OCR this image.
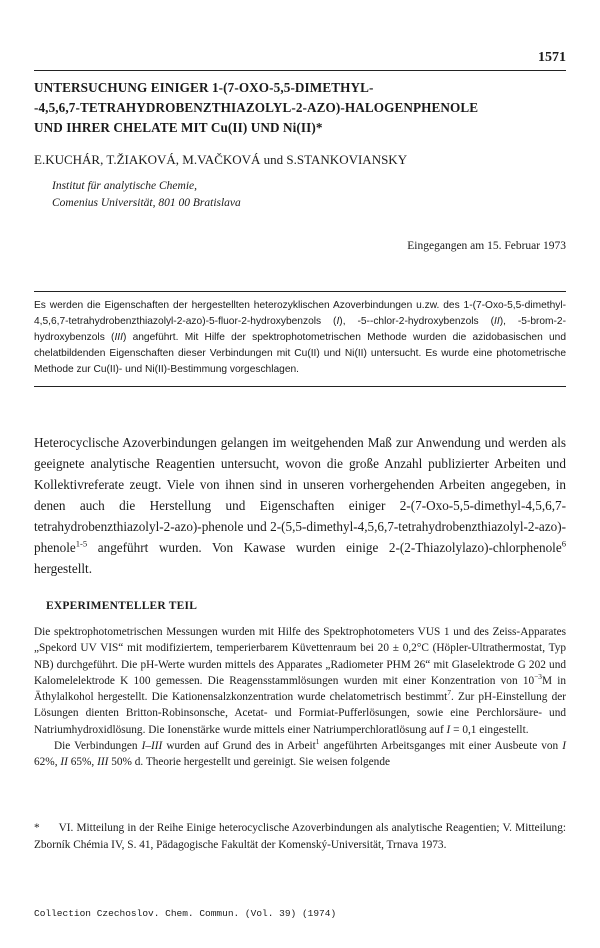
1571
UNTERSUCHUNG EINIGER 1-(7-OXO-5,5-DIMETHYL-
-4,5,6,7-TETRAHYDROBENZTHIAZOLYL-2-AZO)-HALOGENPHENOLE
UND IHRER CHELATE MIT Cu(II) UND Ni(II)*
E.KUCHÁR, T.ŽIAKOVÁ, M.VAČKOVÁ und S.STANKOVIANSKY
Institut für analytische Chemie,
Comenius Universität, 801 00 Bratislava
Eingegangen am 15. Februar 1973
Es werden die Eigenschaften der hergestellten heterozyklischen Azoverbindungen u.zw. des 1-(7-Oxo-5,5-dimethyl-4,5,6,7-tetrahydrobenzthiazolyl-2-azo)-5-fluor-2-hydroxybenzols (I), -5--chlor-2-hydroxybenzols (II), -5-brom-2-hydroxybenzols (III) angeführt. Mit Hilfe der spektrophotometrischen Methode wurden die azidobasischen und chelatbildenden Eigenschaften dieser Verbindungen mit Cu(II) und Ni(II) untersucht. Es wurde eine photometrische Methode zur Cu(II)- und Ni(II)-Bestimmung vorgeschlagen.
Heterocyclische Azoverbindungen gelangen im weitgehenden Maß zur Anwendung und werden als geeignete analytische Reagentien untersucht, wovon die große Anzahl publizierter Arbeiten und Kollektivreferate zeugt. Viele von ihnen sind in unseren vorhergehenden Arbeiten angegeben, in denen auch die Herstellung und Eigenschaften einiger 2-(7-Oxo-5,5-dimethyl-4,5,6,7-tetrahydrobenzthiazolyl-2-azo)-phenole und 2-(5,5-dimethyl-4,5,6,7-tetrahydrobenzthiazolyl-2-azo)-phenole$^{1-5}$ angeführt wurden. Von Kawase wurden einige 2-(2-Thiazolylazo)-chlorphenole$^6$ hergestellt.
EXPERIMENTELLER TEIL

Die spektrophotometrischen Messungen wurden mit Hilfe des Spektrophotometers VUS 1 und des Zeiss-Apparates „Spekord UV VIS“ mit modifiziertem, temperierbarem Küvettenraum bei 20 ± 0,2°C (Höpler-Ultrathermostat, Typ NB) durchgeführt. Die pH-Werte wurden mittels des Apparates „Radiometer PHM 26“ mit Glaselektrode G 202 und Kalomelelektrode K 100 gemessen. Die Reagensstammlösungen wurden mit einer Konzentration von $10^{-3}M$ in Äthylalkohol hergestellt. Die Kationensalzkonzentration wurde chelatometrisch bestimmt$^7$. Zur pH-Einstellung der Lösungen dienten Britton-Robinsonsche, Acetat- und Formiat-Pufferlösungen, sowie eine Perchlorsäure- und Natriumhydroxidlösung. Die Ionenstärke wurde mittels einer Natriumperchloratlösung auf I = 0,1 eingestellt.

Die Verbindungen I–III wurden auf Grund des in Arbeit$^1$ angeführten Arbeitsganges mit einer Ausbeute von I 62%, II 65%, III 50% d. Theorie hergestellt und gereinigt. Sie weisen folgende

* VI. Mitteilung in der Reihe Einige heterocyclische Azoverbindungen als analytische Reagentien; V. Mitteilung: Zborník Chémia IV, S. 41, Pädagogische Fakultät der Komenský-Universität, Trnava 1973.
Collection Czechoslov. Chem. Commun. (Vol. 39) (1974)
